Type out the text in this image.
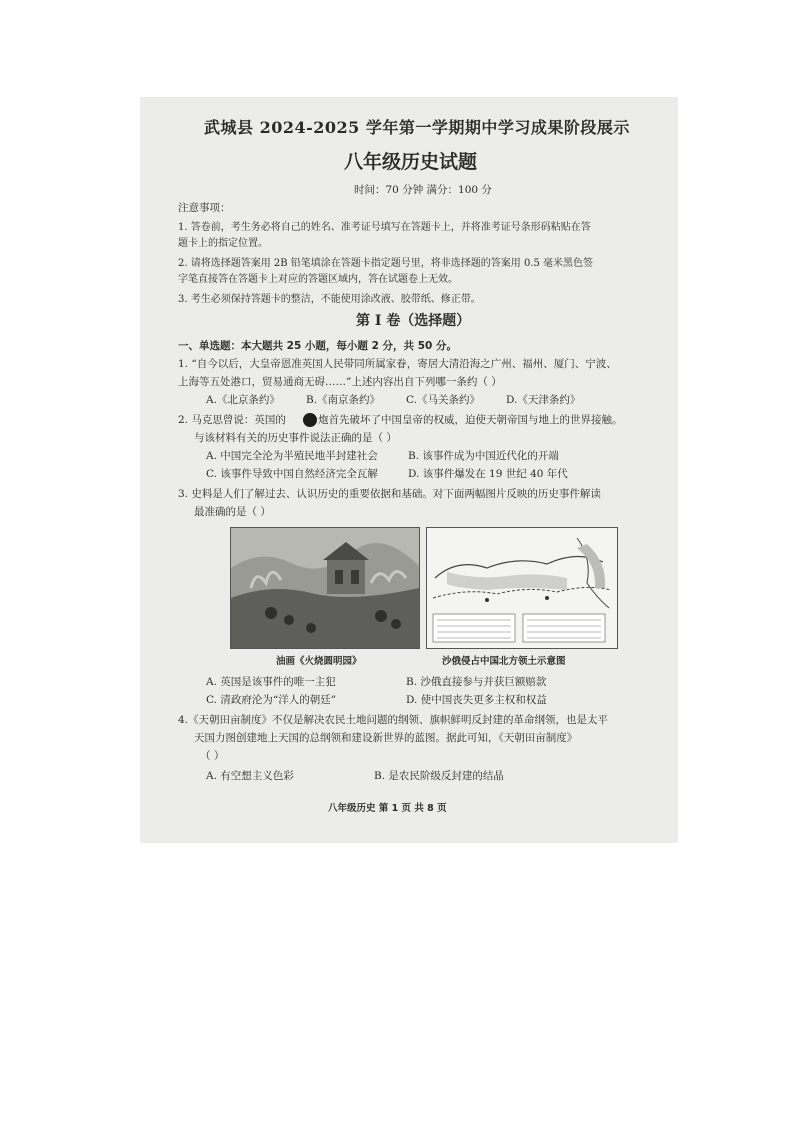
武城县 2024-2025 学年第一学期期中学习成果阶段展示
八年级历史试题
时间：70 分钟 满分：100 分
注意事项：
1. 答卷前，考生务必将自己的姓名、准考证号填写在答题卡上，并将准考证号条形码粘贴在答
题卡上的指定位置。
2. 请将选择题答案用 2B 铅笔填涂在答题卡指定题号里，将非选择题的答案用 0.5 毫米黑色签
字笔直接答在答题卡上对应的答题区域内，答在试题卷上无效。
3. 考生必须保持答题卡的整洁，不能使用涂改液、胶带纸、修正带。
第 I 卷（选择题）
一、单选题：本大题共 25 小题，每小题 2 分，共 50 分。
1. “自今以后，大皇帝恩准英国人民带同所属家眷，寄居大清沿海之广州、福州、厦门、宁波、
上海等五处港口，贸易通商无碍……”上述内容出自下列哪一条约（ ）
A.《北京条约》 B.《南京条约》 C.《马关条约》 D.《天津条约》
2. 马克思曾说：英国的	炮首先破坏了中国皇帝的权威，迫使天朝帝国与地上的世界接触。
与该材料有关的历史事件说法正确的是（ ）
A. 中国完全沦为半殖民地半封建社会	B. 该事件成为中国近代化的开端
C. 该事件导致中国自然经济完全瓦解	D. 该事件爆发在 19 世纪 40 年代
3. 史料是人们了解过去、认识历史的重要依据和基础。对下面两幅图片反映的历史事件解读
最准确的是（ ）
油画《火烧圆明园》	沙俄侵占中国北方领土示意图
A. 英国是该事件的唯一主犯	B. 沙俄直接参与并获巨额赔款
C. 清政府沦为“洋人的朝廷”	D. 使中国丧失更多主权和权益
4.《天朝田亩制度》不仅是解决农民土地问题的纲领、旗帜鲜明反封建的革命纲领，也是太平
天国力图创建地上天国的总纲领和建设新世界的蓝图。据此可知，《天朝田亩制度》
（ ）
A. 有空想主义色彩	B. 是农民阶级反封建的结晶
八年级历史 第 1 页 共 8 页
